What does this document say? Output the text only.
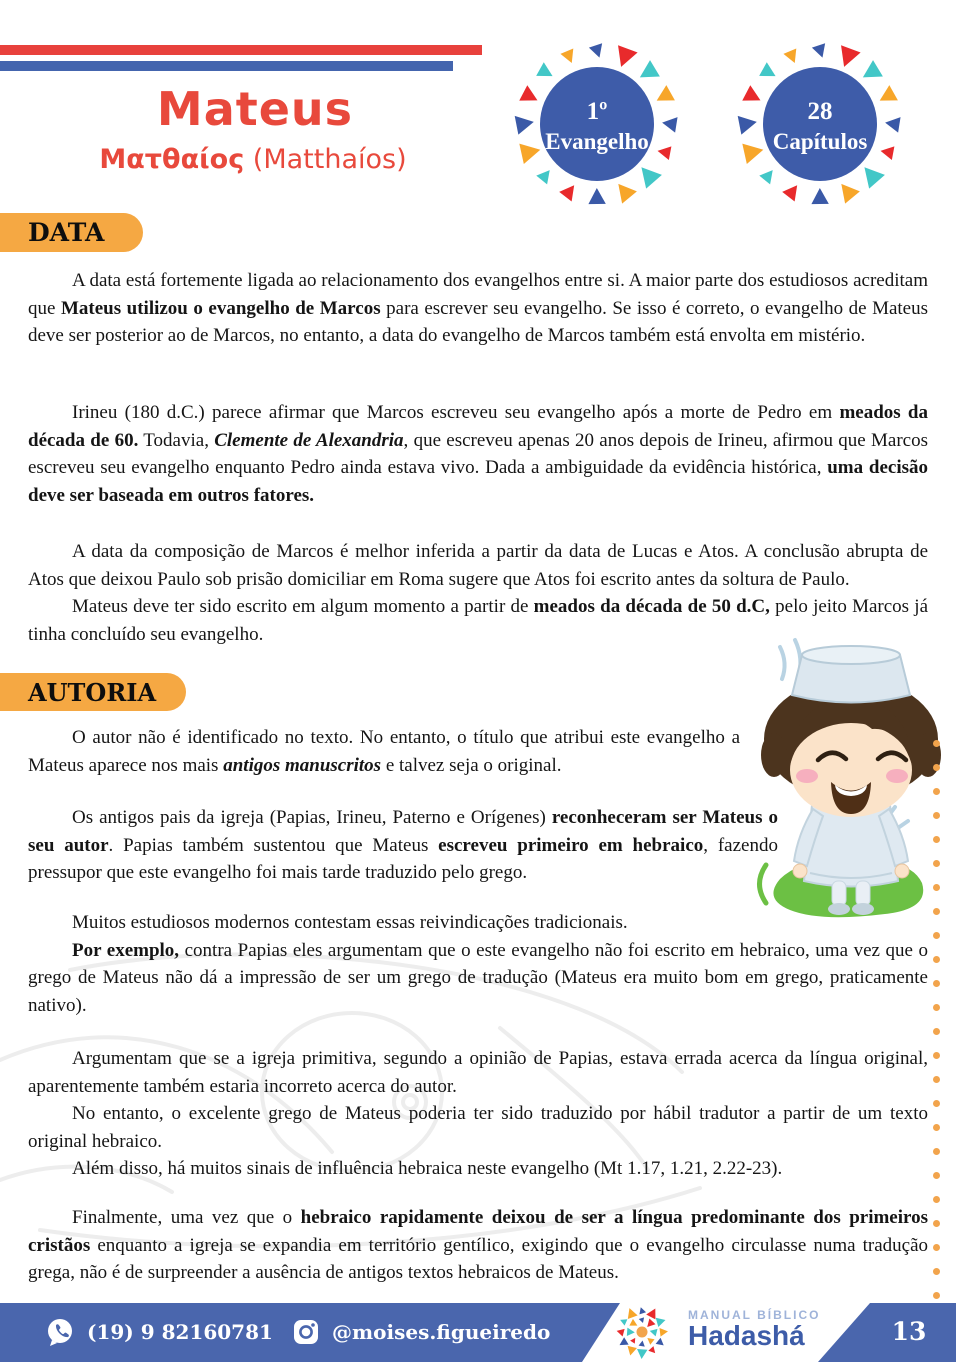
Mateus
Ματθαίος (Matthaíos)
1º
Evangelho
28
Capítulos
DATA

A data está fortemente ligada ao relacionamento dos evangelhos entre si. A maior parte dos estudiosos acreditam que Mateus utilizou o evangelho de Marcos para escrever seu evangelho. Se isso é correto, o evangelho de Mateus deve ser posterior ao de Marcos, no entanto, a data do evangelho de Marcos também está envolta em mistério.

Irineu (180 d.C.) parece afirmar que Marcos escreveu seu evangelho após a morte de Pedro em meados da década de 60. Todavia, Clemente de Alexandria, que escreveu apenas 20 anos depois de Irineu, afirmou que Marcos escreveu seu evangelho enquanto Pedro ainda estava vivo. Dada a ambiguidade da evidência histórica, uma decisão deve ser baseada em outros fatores.

A data da composição de Marcos é melhor inferida a partir da data de Lucas e Atos. A conclusão abrupta de Atos que deixou Paulo sob prisão domiciliar em Roma sugere que Atos foi escrito antes da soltura de Paulo.

Mateus deve ter sido escrito em algum momento a partir de meados da década de 50 d.C, pelo jeito Marcos já tinha concluído seu evangelho.

AUTORIA

O autor não é identificado no texto. No entanto, o título que atribui este evangelho a Mateus aparece nos mais antigos manuscritos e talvez seja o original.

Os antigos pais da igreja (Papias, Irineu, Paterno e Orígenes) reconheceram ser Mateus o seu autor. Papias também sustentou que Mateus escreveu primeiro em hebraico, fazendo pressupor que este evangelho foi mais tarde traduzido pelo grego.

Muitos estudiosos modernos contestam essas reivindicações tradicionais.

Por exemplo, contra Papias eles argumentam que o este evangelho não foi escrito em hebraico, uma vez que o grego de Mateus não dá a impressão de ser um grego de tradução (Mateus era muito bom em grego, praticamente nativo).

Argumentam que se a igreja primitiva, segundo a opinião de Papias, estava errada acerca da língua original, aparentemente também estaria incorreto acerca do autor.

No entanto, o excelente grego de Mateus poderia ter sido traduzido por hábil tradutor a partir de um texto original hebraico.

Além disso, há muitos sinais de influência hebraica neste evangelho (Mt 1.17, 1.21, 2.22-23).

Finalmente, uma vez que o hebraico rapidamente deixou de ser a língua predominante dos primeiros cristãos enquanto a igreja se expandia em território gentílico, exigindo que o evangelho circulasse numa tradução grega, não é de surpreender a ausência de antigos textos hebraicos de Mateus.

(19) 9 82160781	@moises.figueiredo
MANUAL BÍBLICO
Hadashá	13
